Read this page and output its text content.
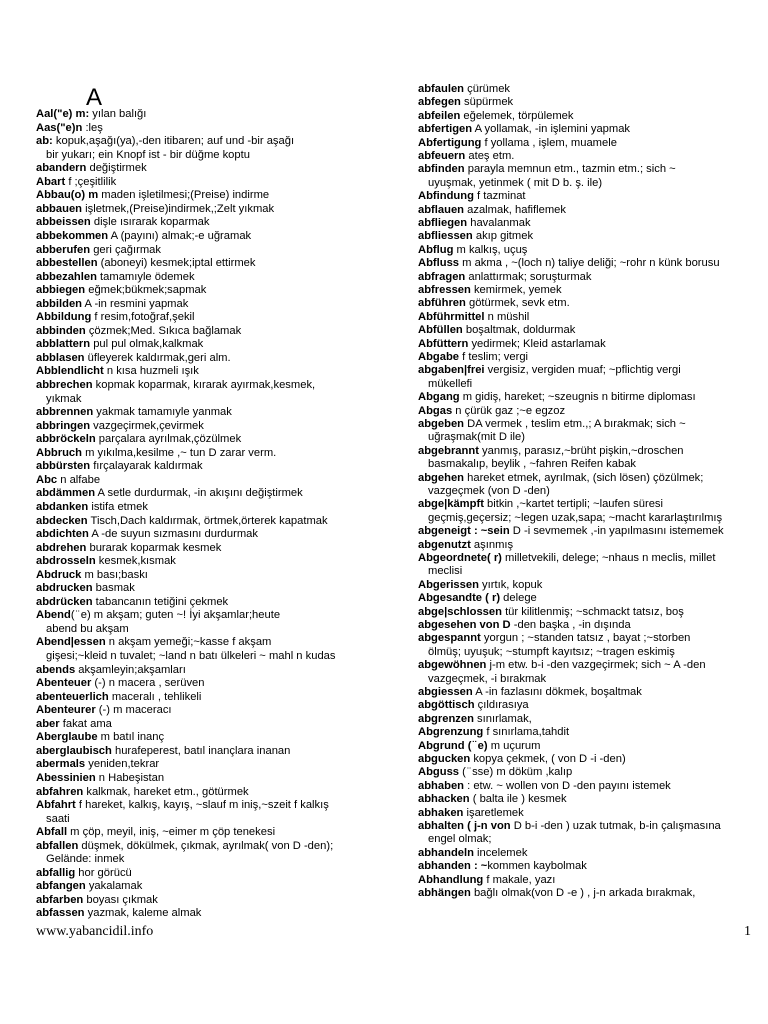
A
Aal("e) m: yılan balığı
Aas("e)n :leş
ab: kopuk,aşağı(ya),-den itibaren; auf und -bir aşağı
bir yukarı; ein Knopf ist - bir düğme koptu
abandern değiştirmek
Abart f ;çeşitlilik
Abbau(o) m maden işletilmesi;(Preise) indirme
abbauen işletmek,(Preise)indirmek,;Zelt yıkmak
abbeissen dişle ısırarak koparmak
abbekommen A (payını) almak;-e uğramak
abberufen geri çağırmak
abbestellen (aboneyi) kesmek;iptal ettirmek
abbezahlen tamamıyle ödemek
abbiegen eğmek;bükmek;sapmak
abbilden A -in resmini yapmak
Abbildung f resim,fotoğraf,şekil
abbinden çözmek;Med. Sıkıca bağlamak
abblattern pul pul olmak,kalkmak
abblasen üfleyerek kaldırmak,geri alm.
Abblendlicht n kısa huzmeli ışık
abbrechen kopmak koparmak, kırarak ayırmak,kesmek,
yıkmak
abbrennen yakmak tamamıyle yanmak
abbringen vazgeçirmek,çevirmek
abbröckeln parçalara ayrılmak,çözülmek
Abbruch m yıkılma,kesilme ,~ tun D zarar verm.
abbürsten fırçalayarak kaldırmak
Abc n alfabe
abdämmen A setle durdurmak, -in akışını değiştirmek
abdanken istifa etmek
abdecken Tisch,Dach kaldırmak, örtmek,örterek kapatmak
abdichten A -de suyun sızmasını durdurmak
abdrehen burarak koparmak kesmek
abdrosseln kesmek,kısmak
Abdruck m bası;baskı
abdrucken basmak
abdrücken tabancanın tetiğini çekmek
Abend( ̈ e) m akşam; guten ~! İyi akşamlar;heute
abend bu akşam
Abend|essen n akşam yemeği;~kasse f akşam
gişesi;~kleid n tuvalet; ~land n batı ülkeleri ~ mahl n kudas
abends akşamleyin;akşamları
Abenteuer (-) n macera , serüven
abenteuerlich maceralı , tehlikeli
Abenteurer (-) m maceracı
aber fakat ama
Aberglaube m batıl inanç
aberglaubisch hurafeperest, batıl inançlara inanan
abermals yeniden,tekrar
Abessinien n Habeşistan
abfahren kalkmak, hareket etm., götürmek
Abfahrt f hareket, kalkış, kayış, ~slauf m iniş,~szeit f kalkış
saati
Abfall m çöp, meyil, iniş, ~eimer m çöp tenekesi
abfallen düşmek, dökülmek, çıkmak, ayrılmak( von D -den);
Gelände: inmek
abfallig hor görücü
abfangen yakalamak
abfarben boyası çıkmak
abfassen yazmak, kaleme almak
abfaulen çürümek
abfegen süpürmek
abfeilen eğelemek, törpülemek
abfertigen A yollamak, -in işlemini yapmak
Abfertigung f yollama , işlem, muamele
abfeuern ateş etm.
abfinden parayla memnun etm., tazmin etm.; sich ~
uyuşmak, yetinmek ( mit D b. ş. ile)
Abfindung f tazminat
abflauen azalmak, hafiflemek
abfliegen havalanmak
abfliessen akıp gitmek
Abflug m kalkış, uçuş
Abfluss m akma , ~(loch n) taliye deliği; ~rohr n künk borusu
abfragen anlattırmak; soruşturmak
abfressen kemirmek, yemek
abführen götürmek, sevk etm.
Abführmittel n müshil
Abfüllen boşaltmak, doldurmak
Abfüttern yedirmek; Kleid astarlamak
Abgabe f teslim; vergi
abgaben|frei vergisiz, vergiden muaf; ~pflichtig vergi
mükellefi
Abgang m gidiş, hareket; ~szeugnis n bitirme diploması
Abgas n çürük gaz ;~e egzoz
abgeben DA vermek , teslim etm.,; A bırakmak; sich ~
uğraşmak(mit D ile)
abgebrannt yanmış, parasız,~brüht pişkin,~droschen
basmakalıp, beylik , ~fahren Reifen kabak
abgehen hareket etmek, ayrılmak, (sich lösen) çözülmek;
vazgeçmek (von D -den)
abge|kämpft bitkin ,~kartet tertipli; ~laufen süresi
geçmiş,geçersiz; ~legen uzak,sapa; ~macht kararlaştırılmış
abgeneigt : ~sein D -i sevmemek ,-in yapılmasını istememek
abgenutzt aşınmış
Abgeordnete( r) milletvekili, delege; ~nhaus n meclis, millet
meclisi
Abgerissen yırtık, kopuk
Abgesandte ( r) delege
abge|schlossen tür kilitlenmiş; ~schmackt tatsız, boş
abgesehen von D -den başka , -in dışında
abgespannt yorgun ; ~standen tatsız , bayat ;~storben
ölmüş; uyuşuk; ~stumpft kayıtsız; ~tragen eskimiş
abgewöhnen j-m etw. b-i -den vazgeçirmek; sich ~ A -den
vazgeçmek, -i bırakmak
abgiessen A -in fazlasını dökmek, boşaltmak
abgöttisch çıldırasıya
abgrenzen sınırlamak,
Abgrenzung f sınırlama,tahdit
Abgrund ( ̈ e) m uçurum
abgucken kopya çekmek, ( von D -i -den)
Abguss ( ̈ sse) m döküm ,kalıp
abhaben : etw. ~ wollen von D -den payını istemek
abhacken ( balta ile ) kesmek
abhaken işaretlemek
abhalten ( j-n von D b-i -den ) uzak tutmak, b-in çalışmasına
engel olmak;
abhandeln incelemek
abhanden : ~kommen kaybolmak
Abhandlung f makale, yazı
abhängen bağlı olmak(von D -e ) , j-n arkada bırakmak,
www.yabancidil.info	1
